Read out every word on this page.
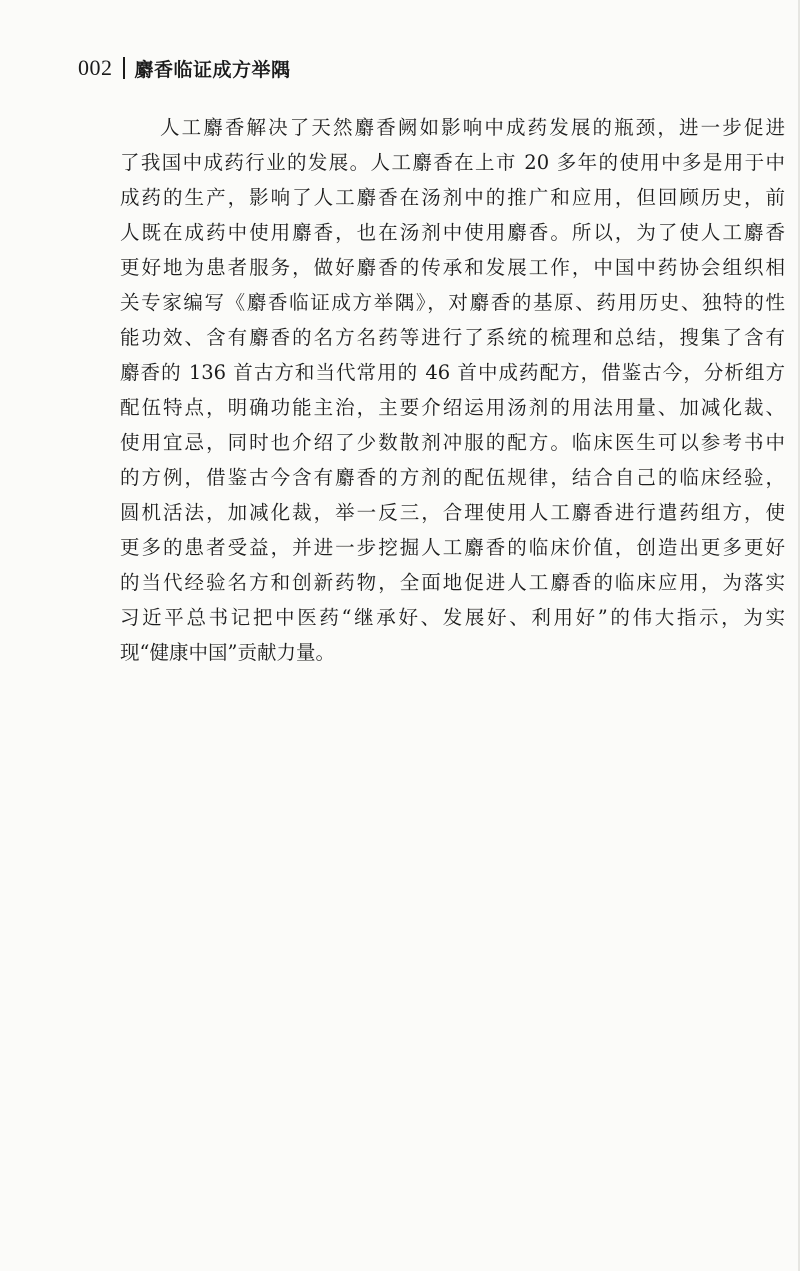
002 麝香临证成方举隅
人工麝香解决了天然麝香阙如影响中成药发展的瓶颈，进一步促进
了我国中成药行业的发展。人工麝香在上市 20 多年的使用中多是用于中
成药的生产，影响了人工麝香在汤剂中的推广和应用，但回顾历史，前
人既在成药中使用麝香，也在汤剂中使用麝香。所以，为了使人工麝香
更好地为患者服务，做好麝香的传承和发展工作，中国中药协会组织相
关专家编写《麝香临证成方举隅》，对麝香的基原、药用历史、独特的性
能功效、含有麝香的名方名药等进行了系统的梳理和总结，搜集了含有
麝香的 136 首古方和当代常用的 46 首中成药配方，借鉴古今，分析组方
配伍特点，明确功能主治，主要介绍运用汤剂的用法用量、加减化裁、
使用宜忌，同时也介绍了少数散剂冲服的配方。临床医生可以参考书中
的方例，借鉴古今含有麝香的方剂的配伍规律，结合自己的临床经验，
圆机活法，加减化裁，举一反三，合理使用人工麝香进行遣药组方，使
更多的患者受益，并进一步挖掘人工麝香的临床价值，创造出更多更好
的当代经验名方和创新药物，全面地促进人工麝香的临床应用，为落实
习近平总书记把中医药“继承好、发展好、利用好”的伟大指示，为实
现“健康中国”贡献力量。
